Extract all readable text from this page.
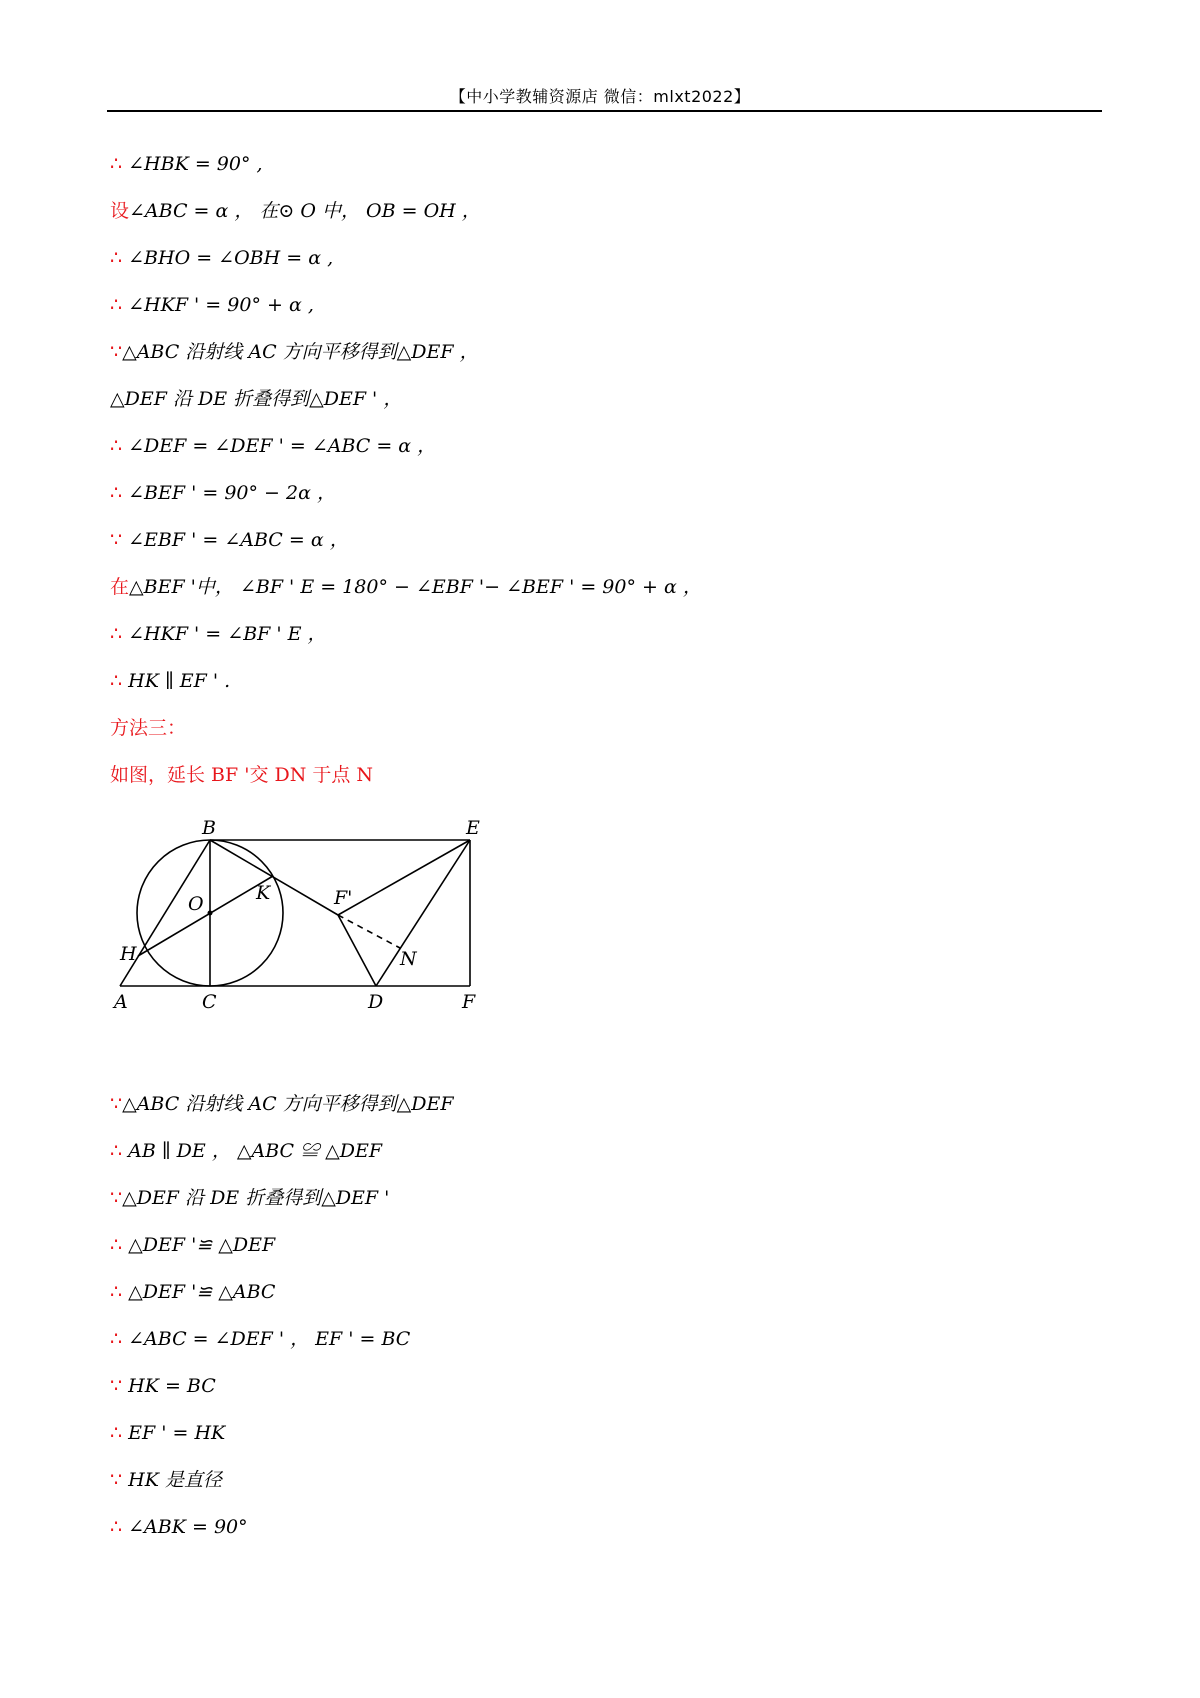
【中小学教辅资源店 微信：mlxt2022】
∴ ∠HBK = 90° ,
设∠ABC = α ， 在⊙ O 中， OB = OH ，
∴ ∠BHO = ∠OBH = α ,
∴ ∠HKF ' = 90° + α ,
∵△ABC 沿射线 AC 方向平移得到△DEF ，
△DEF 沿 DE 折叠得到△DEF ' ，
∴ ∠DEF = ∠DEF ' = ∠ABC = α ，
∴ ∠BEF ' = 90° − 2α ，
∵ ∠EBF ' = ∠ABC = α ，
在△BEF '中， ∠BF ' E = 180° − ∠EBF '− ∠BEF ' = 90° + α ，
∴ ∠HKF ' = ∠BF ' E ，
∴ HK ∥ EF ' .
方法三：
如图，延长 BF '交 DN 于点 N
∵△ABC 沿射线 AC 方向平移得到△DEF
∴ AB ∥ DE ， △ABC ≌ △DEF
∵△DEF 沿 DE 折叠得到△DEF '
∴ △DEF '≌ △DEF
∴ △DEF '≌ △ABC
∴ ∠ABC = ∠DEF ' ， EF ' = BC
∵ HK = BC
∴ EF ' = HK
∵ HK 是直径
∴ ∠ABK = 90°
B	E
O	K	F'
H	N
A	C	D	F
